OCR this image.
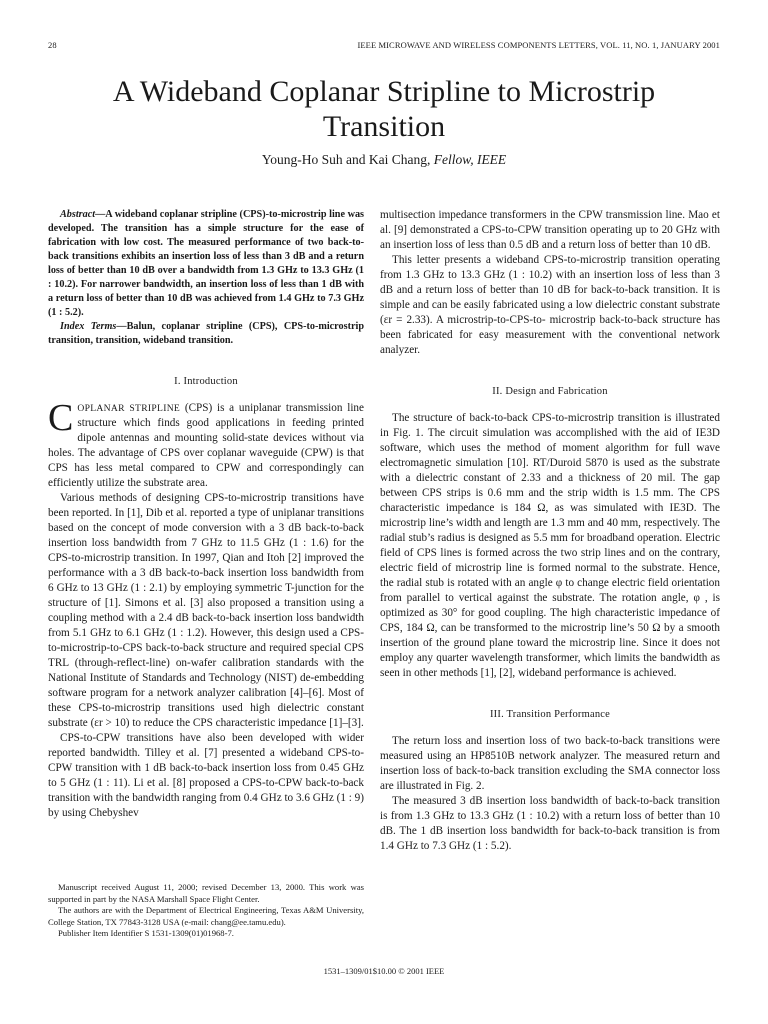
28	IEEE MICROWAVE AND WIRELESS COMPONENTS LETTERS, VOL. 11, NO. 1, JANUARY 2001
A Wideband Coplanar Stripline to Microstrip
Transition
Young-Ho Suh and Kai Chang, Fellow, IEEE

Abstract—A wideband coplanar stripline (CPS)-to-microstrip line was developed. The transition has a simple structure for the ease of fabrication with low cost. The measured performance of two back-to-back transitions exhibits an insertion loss of less than 3 dB and a return loss of better than 10 dB over a bandwidth from 1.3 GHz to 13.3 GHz (1 : 10.2). For narrower bandwidth, an insertion loss of less than 1 dB with a return loss of better than 10 dB was achieved from 1.4 GHz to 7.3 GHz (1 : 5.2).

Index Terms—Balun, coplanar stripline (CPS), CPS-to-microstrip transition, transition, wideband transition.

I. Introduction

COPLANAR STRIPLINE (CPS) is a uniplanar transmission line structure which finds good applications in feeding printed dipole antennas and mounting solid-state devices without via holes. The advantage of CPS over coplanar waveguide (CPW) is that CPS has less metal compared to CPW and correspondingly can efficiently utilize the substrate area.

Various methods of designing CPS-to-microstrip transitions have been reported. In [1], Dib et al. reported a type of uniplanar transitions based on the concept of mode conversion with a 3 dB back-to-back insertion loss bandwidth from 7 GHz to 11.5 GHz (1 : 1.6) for the CPS-to-microstrip transition. In 1997, Qian and Itoh [2] improved the performance with a 3 dB back-to-back insertion loss bandwidth from 6 GHz to 13 GHz (1 : 2.1) by employing symmetric T-junction for the structure of [1]. Simons et al. [3] also proposed a transition using a coupling method with a 2.4 dB back-to-back insertion loss bandwidth from 5.1 GHz to 6.1 GHz (1 : 1.2). However, this design used a CPS-to-microstrip-to-CPS back-to-back structure and required special CPS TRL (through-reflect-line) on-wafer calibration standards with the National Institute of Standards and Technology (NIST) de-embedding software program for a network analyzer calibration [4]–[6]. Most of these CPS-to-microstrip transitions used high dielectric constant substrate (εr > 10) to reduce the CPS characteristic impedance [1]–[3].

CPS-to-CPW transitions have also been developed with wider reported bandwidth. Tilley et al. [7] presented a wideband CPS-to-CPW transition with 1 dB back-to-back insertion loss from 0.45 GHz to 5 GHz (1 : 11). Li et al. [8] proposed a CPS-to-CPW back-to-back transition with the bandwidth ranging from 0.4 GHz to 3.6 GHz (1 : 9) by using Chebyshev

multisection impedance transformers in the CPW transmission line. Mao et al. [9] demonstrated a CPS-to-CPW transition operating up to 20 GHz with an insertion loss of less than 0.5 dB and a return loss of better than 10 dB.

This letter presents a wideband CPS-to-microstrip transition operating from 1.3 GHz to 13.3 GHz (1 : 10.2) with an insertion loss of less than 3 dB and a return loss of better than 10 dB for back-to-back transition. It is simple and can be easily fabricated using a low dielectric constant substrate (εr = 2.33). A microstrip-to-CPS-to- microstrip back-to-back structure has been fabricated for easy measurement with the conventional network analyzer.

II. Design and Fabrication

The structure of back-to-back CPS-to-microstrip transition is illustrated in Fig. 1. The circuit simulation was accomplished with the aid of IE3D software, which uses the method of moment algorithm for full wave electromagnetic simulation [10]. RT/Duroid 5870 is used as the substrate with a dielectric constant of 2.33 and a thickness of 20 mil. The gap between CPS strips is 0.6 mm and the strip width is 1.5 mm. The CPS characteristic impedance is 184 Ω, as was simulated with IE3D. The microstrip line’s width and length are 1.3 mm and 40 mm, respectively. The radial stub’s radius is designed as 5.5 mm for broadband operation. Electric field of CPS lines is formed across the two strip lines and on the contrary, electric field of microstrip line is formed normal to the substrate. Hence, the radial stub is rotated with an angle φ to change electric field orientation from parallel to vertical against the substrate. The rotation angle, φ , is optimized as 30° for good coupling. The high characteristic impedance of CPS, 184 Ω, can be transformed to the microstrip line’s 50 Ω by a smooth insertion of the ground plane toward the microstrip line. Since it does not employ any quarter wavelength transformer, which limits the bandwidth as seen in other methods [1], [2], wideband performance is achieved.

III. Transition Performance

The return loss and insertion loss of two back-to-back transitions were measured using an HP8510B network analyzer. The measured return and insertion loss of back-to-back transition excluding the SMA connector loss are illustrated in Fig. 2.

The measured 3 dB insertion loss bandwidth of back-to-back transition is from 1.3 GHz to 13.3 GHz (1 : 10.2) with a return loss of better than 10 dB. The 1 dB insertion loss bandwidth for back-to-back transition is from 1.4 GHz to 7.3 GHz (1 : 5.2).

Manuscript received August 11, 2000; revised December 13, 2000. This work was supported in part by the NASA Marshall Space Flight Center.

The authors are with the Department of Electrical Engineering, Texas A&M University, College Station, TX 77843-3128 USA (e-mail: chang@ee.tamu.edu).

Publisher Item Identifier S 1531-1309(01)01968-7.

1531–1309/01$10.00 © 2001 IEEE
